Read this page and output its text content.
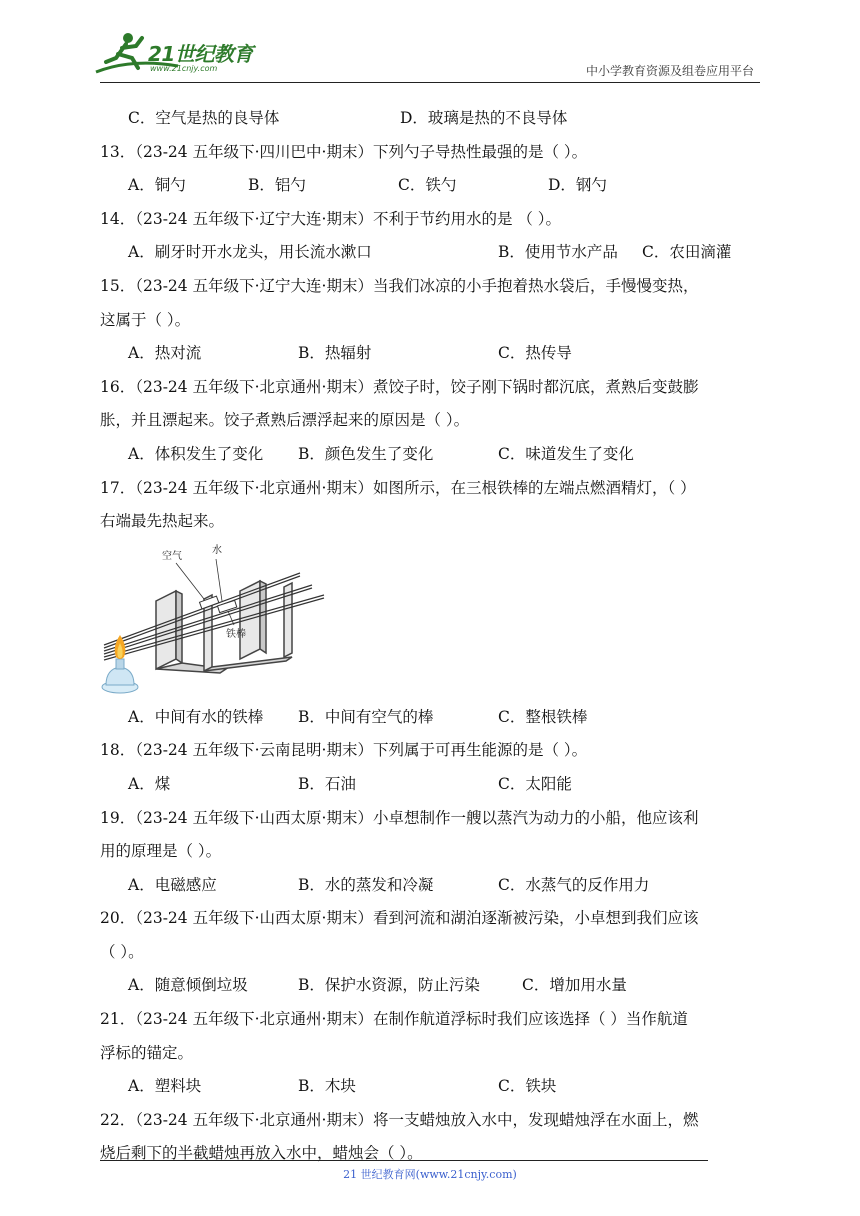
21世纪教育
www.21cnjy.com	中小学教育资源及组卷应用平台
C．空气是热的良导体	D．玻璃是热的不良导体
13．（23-24 五年级下·四川巴中·期末）下列勺子导热性最强的是（ ）。
A．铜勺	B．铝勺	C．铁勺	D．钢勺
14．（23-24 五年级下·辽宁大连·期末）不利于节约用水的是 （ ）。
A．刷牙时开水龙头，用长流水漱口	B．使用节水产品	C．农田滴灌
15．（23-24 五年级下·辽宁大连·期末）当我们冰凉的小手抱着热水袋后，手慢慢变热，
这属于（ ）。
A．热对流	B．热辐射	C．热传导
16．（23-24 五年级下·北京通州·期末）煮饺子时，饺子刚下锅时都沉底，煮熟后变鼓膨
胀，并且漂起来。饺子煮熟后漂浮起来的原因是（ ）。
A．体积发生了变化	B．颜色发生了变化	C．味道发生了变化
17．（23-24 五年级下·北京通州·期末）如图所示，在三根铁棒的左端点燃酒精灯，（ ）
右端最先热起来。
空气
水
铁棒
A．中间有水的铁棒	B．中间有空气的棒	C．整根铁棒
18．（23-24 五年级下·云南昆明·期末）下列属于可再生能源的是（ ）。
A．煤	B．石油	C．太阳能
19．（23-24 五年级下·山西太原·期末）小卓想制作一艘以蒸汽为动力的小船，他应该利
用的原理是（ ）。
A．电磁感应	B．水的蒸发和冷凝	C．水蒸气的反作用力
20．（23-24 五年级下·山西太原·期末）看到河流和湖泊逐渐被污染，小卓想到我们应该
（ ）。
A．随意倾倒垃圾	B．保护水资源，防止污染	C．增加用水量
21．（23-24 五年级下·北京通州·期末）在制作航道浮标时我们应该选择（ ）当作航道
浮标的锚定。
A．塑料块	B．木块	C．铁块
22．（23-24 五年级下·北京通州·期末）将一支蜡烛放入水中，发现蜡烛浮在水面上，燃
烧后剩下的半截蜡烛再放入水中，蜡烛会（ ）。
21 世纪教育网(www.21cnjy.com)
